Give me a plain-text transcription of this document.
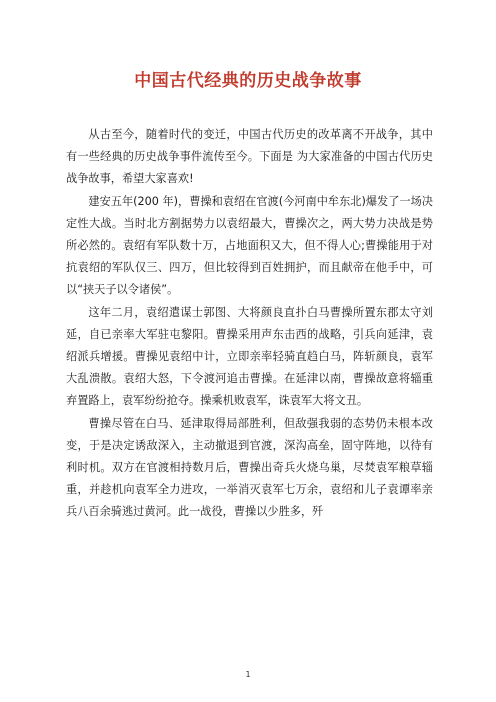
中国古代经典的历史战争故事

从古至今，随着时代的变迁，中国古代历史的改革离不开战争，其中有一些经典的历史战争事件流传至今。下面是 为大家准备的中国古代历史战争故事，希望大家喜欢!

建安五年(200 年)，曹操和袁绍在官渡(今河南中牟东北)爆发了一场决定性大战。当时北方割据势力以袁绍最大，曹操次之，两大势力决战是势所必然的。袁绍有军队数十万，占地面积又大，但不得人心;曹操能用于对抗袁绍的军队仅三、四万，但比较得到百姓拥护，而且献帝在他手中，可以“挟天子以令诸侯”。

这年二月，袁绍遣谋士郭图、大将颜良直扑白马曹操所置东郡太守刘延，自已亲率大军驻屯黎阳。曹操采用声东击西的战略，引兵向延津，袁绍派兵增援。曹操见袁绍中计，立即亲率轻骑直趋白马，阵斩颜良，袁军大乱溃散。袁绍大怒，下令渡河追击曹操。在延津以南，曹操故意将辎重弃置路上，袁军纷纷抢夺。操乘机败袁军，诛袁军大将文丑。

曹操尽管在白马、延津取得局部胜利，但敌强我弱的态势仍未根本改变，于是决定诱敌深入，主动撤退到官渡，深沟高垒，固守阵地，以待有利时机。双方在官渡相持数月后，曹操出奇兵火烧乌巢，尽焚袁军粮草辎重，并趁机向袁军全力进攻，一举消灭袁军七万余，袁绍和儿子袁谭率亲兵八百余骑逃过黄河。此一战役，曹操以少胜多，歼

1
